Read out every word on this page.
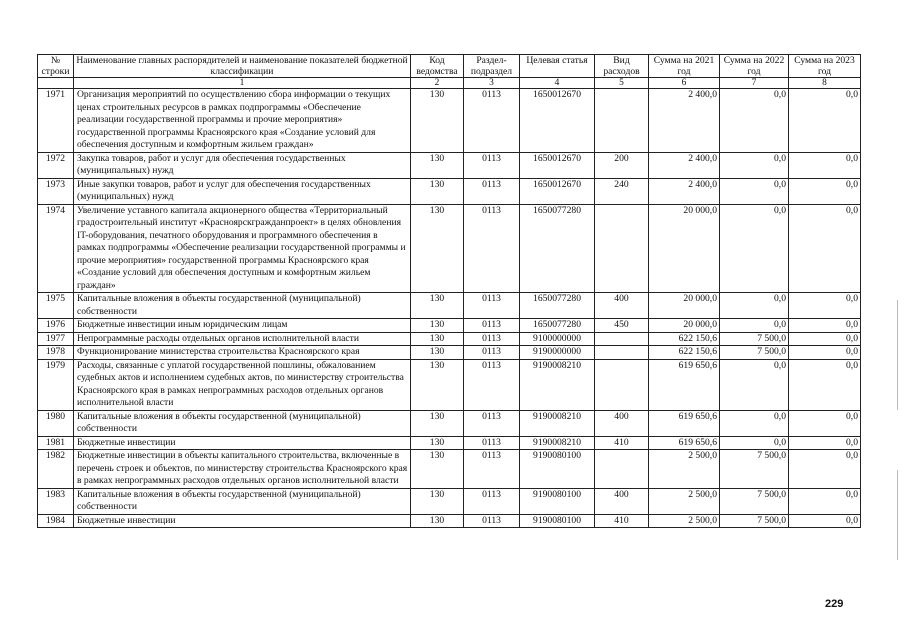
№ строки	Наименование главных распорядителей и наименование показателей бюджетной классификации	Код ведомства	Раздел-подраздел	Целевая статья	Вид расходов	Сумма на 2021 год	Сумма на 2022 год	Сумма на 2023 год
	1	2	3	4	5	6	7	8
1971	Организация мероприятий по осуществлению сбора информации о текущих ценах строительных ресурсов в рамках подпрограммы «Обеспечение реализации государственной программы и прочие мероприятия» государственной программы Красноярского края «Создание условий для обеспечения доступным и комфортным жильем граждан»	130	0113	1650012670		2 400,0	0,0	0,0
1972	Закупка товаров, работ и услуг для обеспечения государственных (муниципальных) нужд	130	0113	1650012670	200	2 400,0	0,0	0,0
1973	Иные закупки товаров, работ и услуг для обеспечения государственных (муниципальных) нужд	130	0113	1650012670	240	2 400,0	0,0	0,0
1974	Увеличение уставного капитала акционерного общества «Территориальный градостроительный институт «Красноярскгражданпроект» в целях обновления IT-оборудования, печатного оборудования и программного обеспечения в рамках подпрограммы «Обеспечение реализации государственной программы и прочие мероприятия» государственной программы Красноярского края «Создание условий для обеспечения доступным и комфортным жильем граждан»	130	0113	1650077280		20 000,0	0,0	0,0
1975	Капитальные вложения в объекты государственной (муниципальной) собственности	130	0113	1650077280	400	20 000,0	0,0	0,0
1976	Бюджетные инвестиции иным юридическим лицам	130	0113	1650077280	450	20 000,0	0,0	0,0
1977	Непрограммные расходы отдельных органов исполнительной власти	130	0113	9100000000		622 150,6	7 500,0	0,0
1978	Функционирование министерства строительства Красноярского края	130	0113	9190000000		622 150,6	7 500,0	0,0
1979	Расходы, связанные с уплатой государственной пошлины, обжалованием судебных актов и исполнением судебных актов, по министерству строительства Красноярского края в рамках непрограммных расходов отдельных органов исполнительной власти	130	0113	9190008210		619 650,6	0,0	0,0
1980	Капитальные вложения в объекты государственной (муниципальной) собственности	130	0113	9190008210	400	619 650,6	0,0	0,0
1981	Бюджетные инвестиции	130	0113	9190008210	410	619 650,6	0,0	0,0
1982	Бюджетные инвестиции в объекты капитального строительства, включенные в перечень строек и объектов, по министерству строительства Красноярского края в рамках непрограммных расходов отдельных органов исполнительной власти	130	0113	9190080100		2 500,0	7 500,0	0,0
1983	Капитальные вложения в объекты государственной (муниципальной) собственности	130	0113	9190080100	400	2 500,0	7 500,0	0,0
1984	Бюджетные инвестиции	130	0113	9190080100	410	2 500,0	7 500,0	0,0
229
